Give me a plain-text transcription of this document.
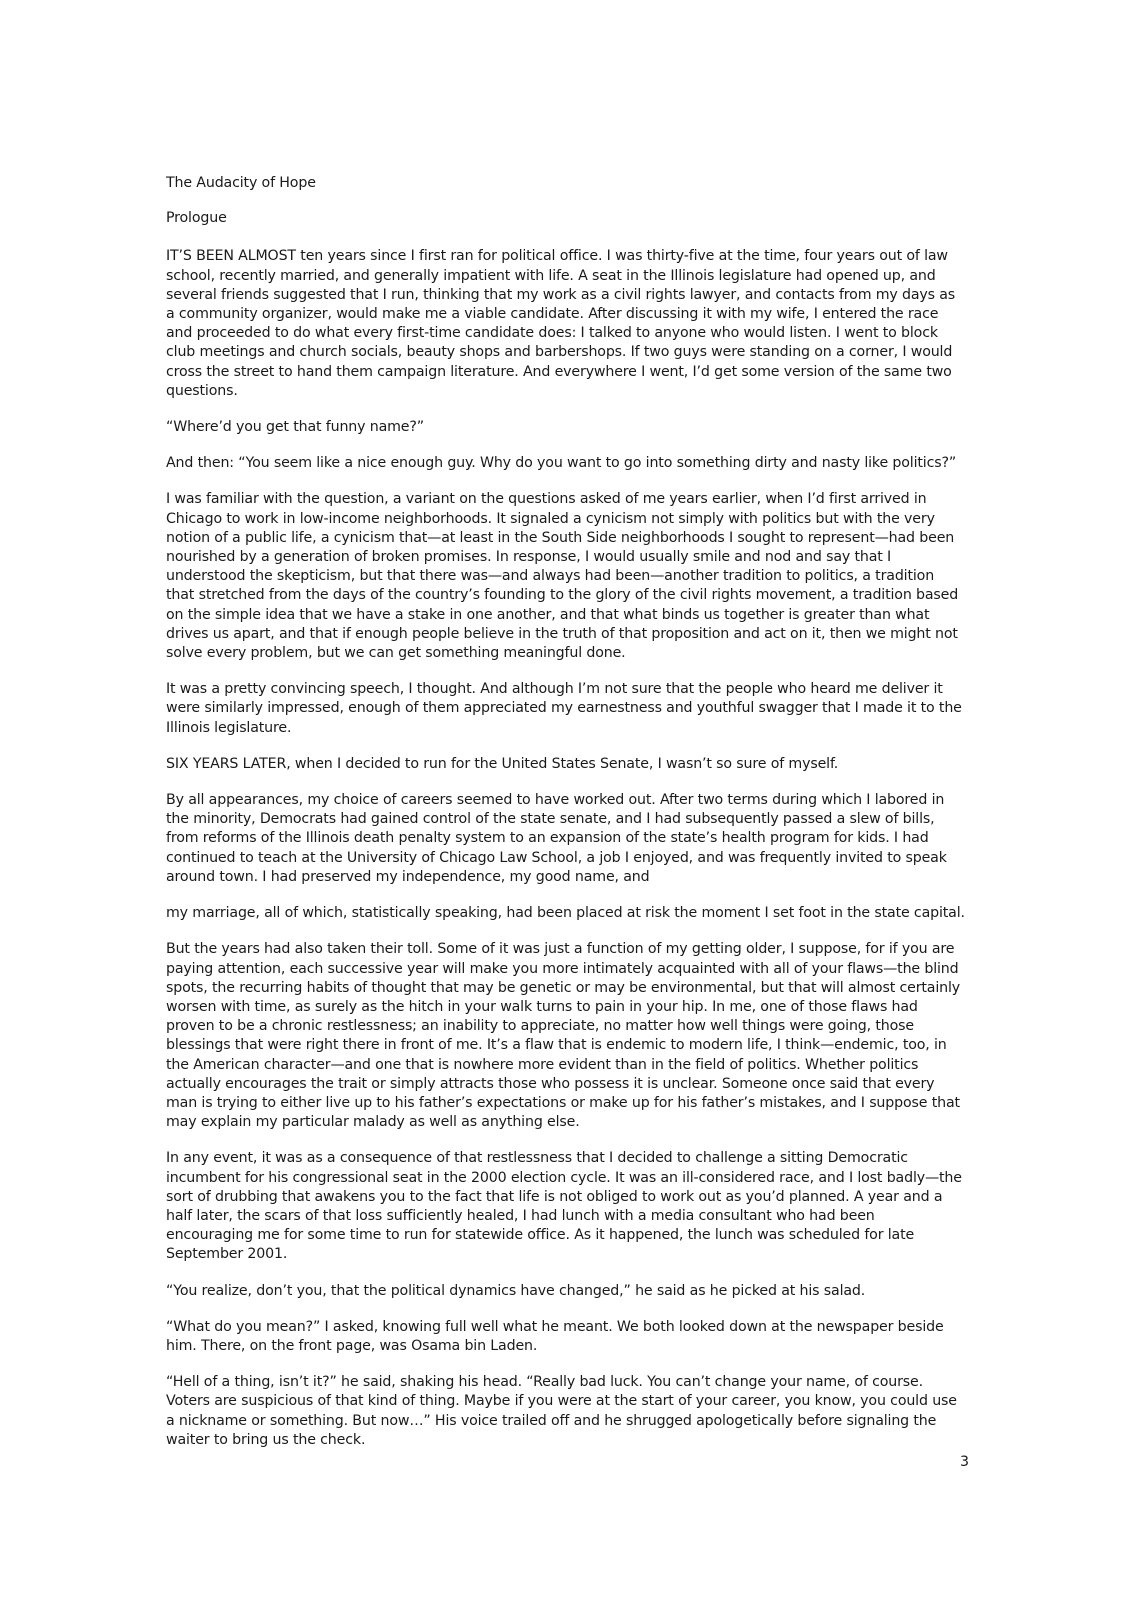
The Audacity of Hope

Prologue

IT’S BEEN ALMOST ten years since I first ran for political office. I was thirty-five at the time, four years out of law school, recently married, and generally impatient with life. A seat in the Illinois legislature had opened up, and several friends suggested that I run, thinking that my work as a civil rights lawyer, and contacts from my days as a community organizer, would make me a viable candidate. After discussing it with my wife, I entered the race and proceeded to do what every first-time candidate does: I talked to anyone who would listen. I went to block club meetings and church socials, beauty shops and barbershops. If two guys were standing on a corner, I would cross the street to hand them campaign literature. And everywhere I went, I’d get some version of the same two questions.

“Where’d you get that funny name?”

And then: “You seem like a nice enough guy. Why do you want to go into something dirty and nasty like politics?”

I was familiar with the question, a variant on the questions asked of me years earlier, when I’d first arrived in Chicago to work in low-income neighborhoods. It signaled a cynicism not simply with politics but with the very notion of a public life, a cynicism that—at least in the South Side neighborhoods I sought to represent—had been nourished by a generation of broken promises. In response, I would usually smile and nod and say that I understood the skepticism, but that there was—and always had been—another tradition to politics, a tradition that stretched from the days of the country’s founding to the glory of the civil rights movement, a tradition based on the simple idea that we have a stake in one another, and that what binds us together is greater than what drives us apart, and that if enough people believe in the truth of that proposition and act on it, then we might not solve every problem, but we can get something meaningful done.

It was a pretty convincing speech, I thought. And although I’m not sure that the people who heard me deliver it were similarly impressed, enough of them appreciated my earnestness and youthful swagger that I made it to the Illinois legislature.

SIX YEARS LATER, when I decided to run for the United States Senate, I wasn’t so sure of myself.

By all appearances, my choice of careers seemed to have worked out. After two terms during which I labored in the minority, Democrats had gained control of the state senate, and I had subsequently passed a slew of bills, from reforms of the Illinois death penalty system to an expansion of the state’s health program for kids. I had continued to teach at the University of Chicago Law School, a job I enjoyed, and was frequently invited to speak around town. I had preserved my independence, my good name, and

my marriage, all of which, statistically speaking, had been placed at risk the moment I set foot in the state capital.

But the years had also taken their toll. Some of it was just a function of my getting older, I suppose, for if you are paying attention, each successive year will make you more intimately acquainted with all of your flaws—the blind spots, the recurring habits of thought that may be genetic or may be environmental, but that will almost certainly worsen with time, as surely as the hitch in your walk turns to pain in your hip. In me, one of those flaws had proven to be a chronic restlessness; an inability to appreciate, no matter how well things were going, those blessings that were right there in front of me. It’s a flaw that is endemic to modern life, I think—endemic, too, in the American character—and one that is nowhere more evident than in the field of politics. Whether politics actually encourages the trait or simply attracts those who possess it is unclear. Someone once said that every man is trying to either live up to his father’s expectations or make up for his father’s mistakes, and I suppose that may explain my particular malady as well as anything else.

In any event, it was as a consequence of that restlessness that I decided to challenge a sitting Democratic incumbent for his congressional seat in the 2000 election cycle. It was an ill-considered race, and I lost badly—the sort of drubbing that awakens you to the fact that life is not obliged to work out as you’d planned. A year and a half later, the scars of that loss sufficiently healed, I had lunch with a media consultant who had been encouraging me for some time to run for statewide office. As it happened, the lunch was scheduled for late September 2001.

“You realize, don’t you, that the political dynamics have changed,” he said as he picked at his salad.

“What do you mean?” I asked, knowing full well what he meant. We both looked down at the newspaper beside him. There, on the front page, was Osama bin Laden.

“Hell of a thing, isn’t it?” he said, shaking his head. “Really bad luck. You can’t change your name, of course. Voters are suspicious of that kind of thing. Maybe if you were at the start of your career, you know, you could use a nickname or something. But now…” His voice trailed off and he shrugged apologetically before signaling the waiter to bring us the check.

3
